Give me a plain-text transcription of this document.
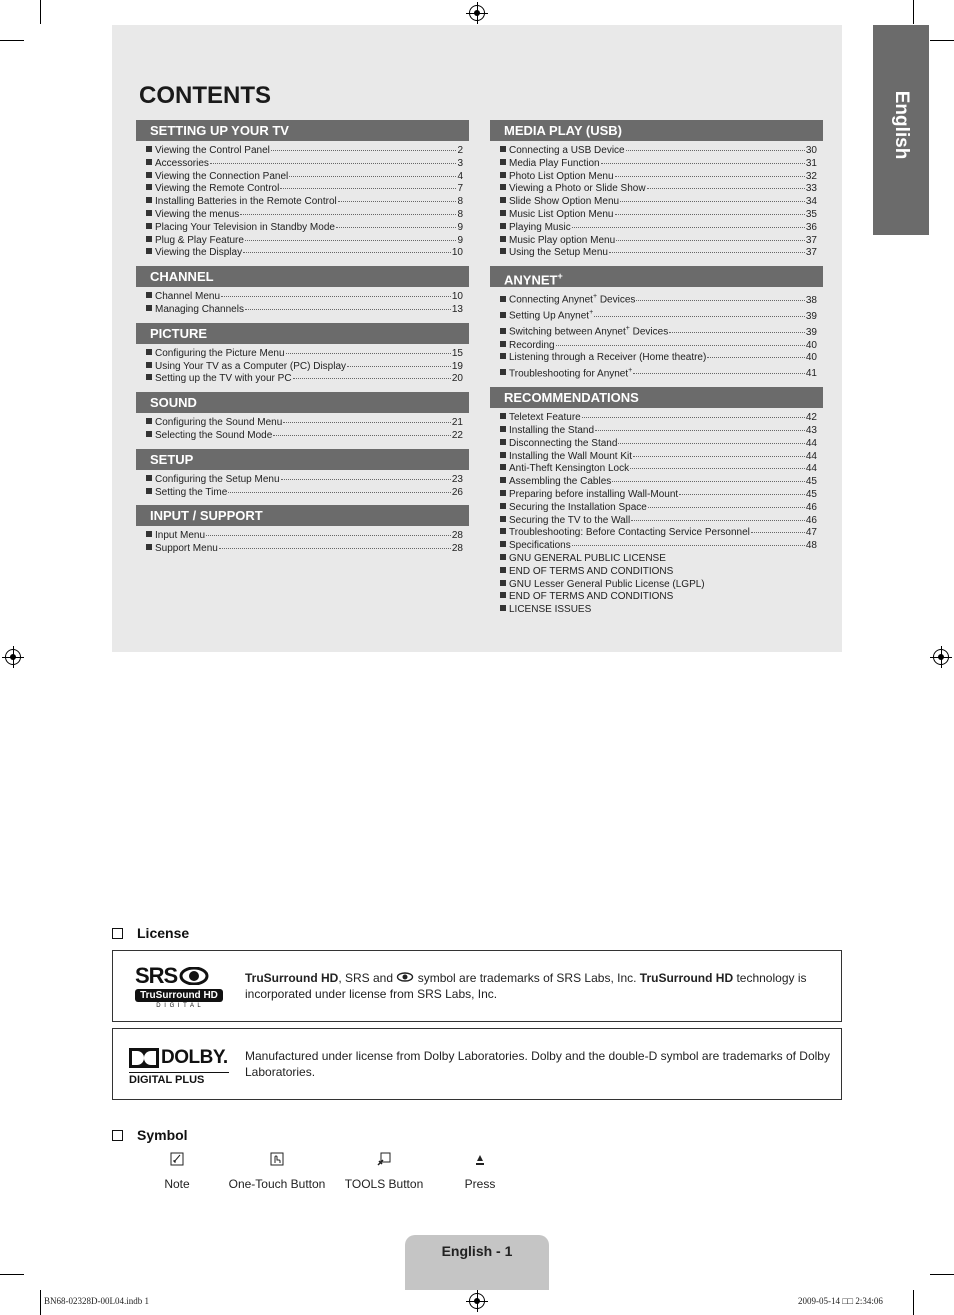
English
CONTENTS
SETTING UP YOUR TV
Viewing the Control Panel	2
Accessories	3
Viewing the Connection Panel	4
Viewing the Remote Control	7
Installing Batteries in the Remote Control	8
Viewing the menus	8
Placing Your Television in Standby Mode	9
Plug & Play Feature	9
Viewing the Display	10
CHANNEL
Channel Menu	10
Managing Channels	13
PICTURE
Configuring the Picture Menu	15
Using Your TV as a Computer (PC) Display	19
Setting up the TV with your PC	20
SOUND
Configuring the Sound Menu	21
Selecting the Sound Mode	22
SETUP
Configuring the Setup Menu	23
Setting the Time	26
INPUT / SUPPORT
Input Menu	28
Support Menu	28
MEDIA PLAY (USB)
Connecting a USB Device	30
Media Play Function	31
Photo List Option Menu	32
Viewing a Photo or Slide Show	33
Slide Show Option Menu	34
Music List Option Menu	35
Playing Music	36
Music Play option Menu	37
Using the Setup Menu	37
ANYNET+
Connecting Anynet+ Devices	38
Setting Up Anynet+	39
Switching between Anynet+ Devices	39
Recording	40
Listening through a Receiver (Home theatre)	40
Troubleshooting for Anynet+	41
RECOMMENDATIONS
Teletext Feature	42
Installing the Stand	43
Disconnecting the Stand	44
Installing the Wall Mount Kit	44
Anti-Theft Kensington Lock	44
Assembling the Cables	45
Preparing before installing Wall-Mount	45
Securing the Installation Space	46
Securing the TV to the Wall	46
Troubleshooting: Before Contacting Service Personnel	47
Specifications	48
GNU GENERAL PUBLIC LICENSE
END OF TERMS AND CONDITIONS
GNU Lesser General Public License (LGPL)
END OF TERMS AND CONDITIONS
LICENSE ISSUES
License
SRS
TruSurround HD
D I G I T A L
TruSurround HD, SRS and  symbol are trademarks of SRS Labs, Inc. TruSurround HD technology is incorporated under license from SRS Labs, Inc.
DOLBY.
DIGITAL PLUS
Manufactured under license from Dolby Laboratories. Dolby and the double-D symbol are trademarks of Dolby Laboratories.
Symbol
Note	One-Touch Button	TOOLS Button	Press
English - 1
BN68-02328D-00L04.indb 1	2009-05-14 □□ 2:34:06
